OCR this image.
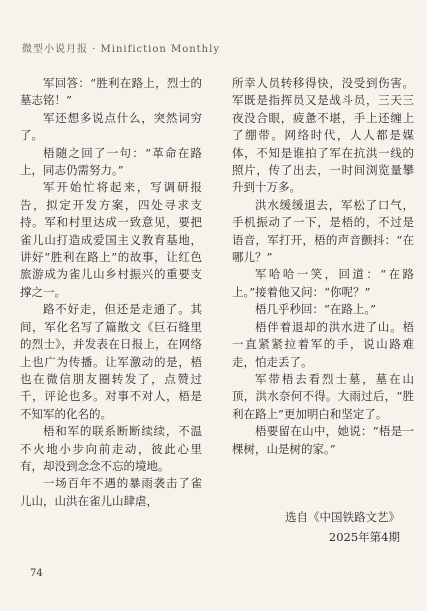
微型小说月报 · Minifiction Monthly

军回答：“胜利在路上，烈士的墓志铭！”

军还想多说点什么，突然词穷了。

梧随之回了一句：“革命在路上，同志仍需努力。”

军开始忙将起来，写调研报告，拟定开发方案，四处寻求支持。军和村里达成一致意见，要把雀儿山打造成爱国主义教育基地，讲好“胜利在路上”的故事，让红色旅游成为雀儿山乡村振兴的重要支撑之一。

路不好走，但还是走通了。其间，军化名写了篇散文《巨石缝里的烈士》，并发表在日报上，在网络上也广为传播。让军激动的是，梧也在微信朋友圈转发了，点赞过千，评论也多。对事不对人，梧是不知军的化名的。

梧和军的联系断断续续，不温不火地小步向前走动，彼此心里有，却没到念念不忘的境地。

一场百年不遇的暴雨袭击了雀儿山，山洪在雀儿山肆虐，

所幸人员转移得快，没受到伤害。军既是指挥员又是战斗员，三天三夜没合眼，疲惫不堪，手上还缠上了绷带。网络时代，人人都是媒体，不知是谁拍了军在抗洪一线的照片，传了出去，一时间浏览量攀升到十万多。

洪水缓缓退去，军松了口气，手机振动了一下，是梧的，不过是语音，军打开，梧的声音颤抖：“在哪儿？”

军哈哈一笑，回道：“在路上。”接着他又问：“你呢？”

梧几乎秒回：“在路上。”

梧伴着退却的洪水进了山。梧一直紧紧拉着军的手，说山路难走，怕走丢了。

军带梧去看烈士墓，墓在山顶，洪水奈何不得。大雨过后，“胜利在路上”更加明白和坚定了。

梧要留在山中，她说：“梧是一棵树，山是树的家。”

选自《中国铁路文艺》
2025年第4期
74
